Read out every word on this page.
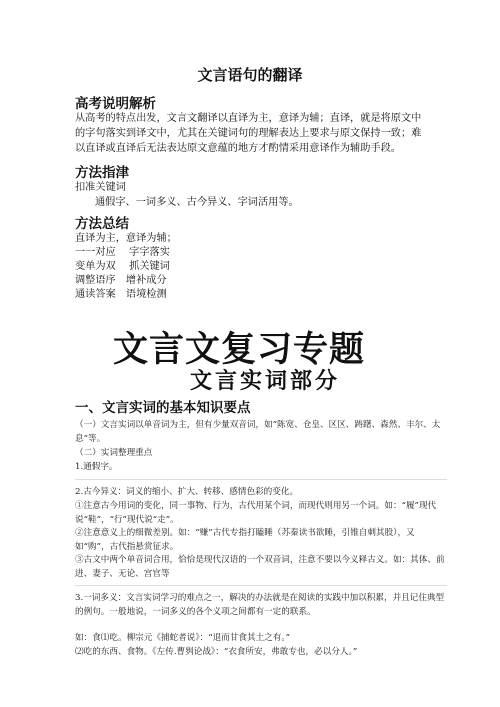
文言语句的翻译
高考说明解析
从高考的特点出发，文言文翻译以直译为主，意译为辅；直译，就是将原文中的字句落实到译文中，尤其在关键词句的理解表达上要求与原文保持一致；难以直译或直译后无法表达原文意蕴的地方才酌情采用意译作为辅助手段。
方法指津
扣准关键词
通假字、一词多义、古今异义、字词活用等。
方法总结
直译为主，意译为辅；
一一对应　 字字落实
变单为双　 抓关键词
调整语序　增补成分
通读答案　语境检测
文言文复习专题
文言实词部分
一、文言实词的基本知识要点
（一）文言实词以单音词为主，但有少量双音词，如“陈宽、仓皇、区区、踌躇、森然、丰尔、太息”等。
（二）实词整理重点
1.通假字。
2.古今异义：词义的缩小、扩大、转移、感情色彩的变化。
①注意古今用词的变化，同一事物、行为，古代用某个词，而现代则用另一个词。如：“履”现代说“鞋”，“行”现代说“走”。
②注意意义上的细微差别。如：“赚”古代专指打瞌睡（苏秦读书欲睡，引锥自刺其股），又如“购”，古代指悬赏征求。
③古文中两个单音词合用，恰恰是现代汉语的一个双音词，注意不要以今义释古义。如：其体、前进、妻子、无论、宫官等
3.一词多义：文言实词学习的难点之一，解决的办法就是在阅读的实践中加以积累，并且记住典型的例句。一般地说，一词多义的各个义项之间都有一定的联系。
如：食⑴吃。柳宗元《捕蛇者说》：“退而甘食其土之有。”
⑵吃的东西、食物。《左传.曹刿论战》：“衣食所安，弗敢专也，必以分人。”
